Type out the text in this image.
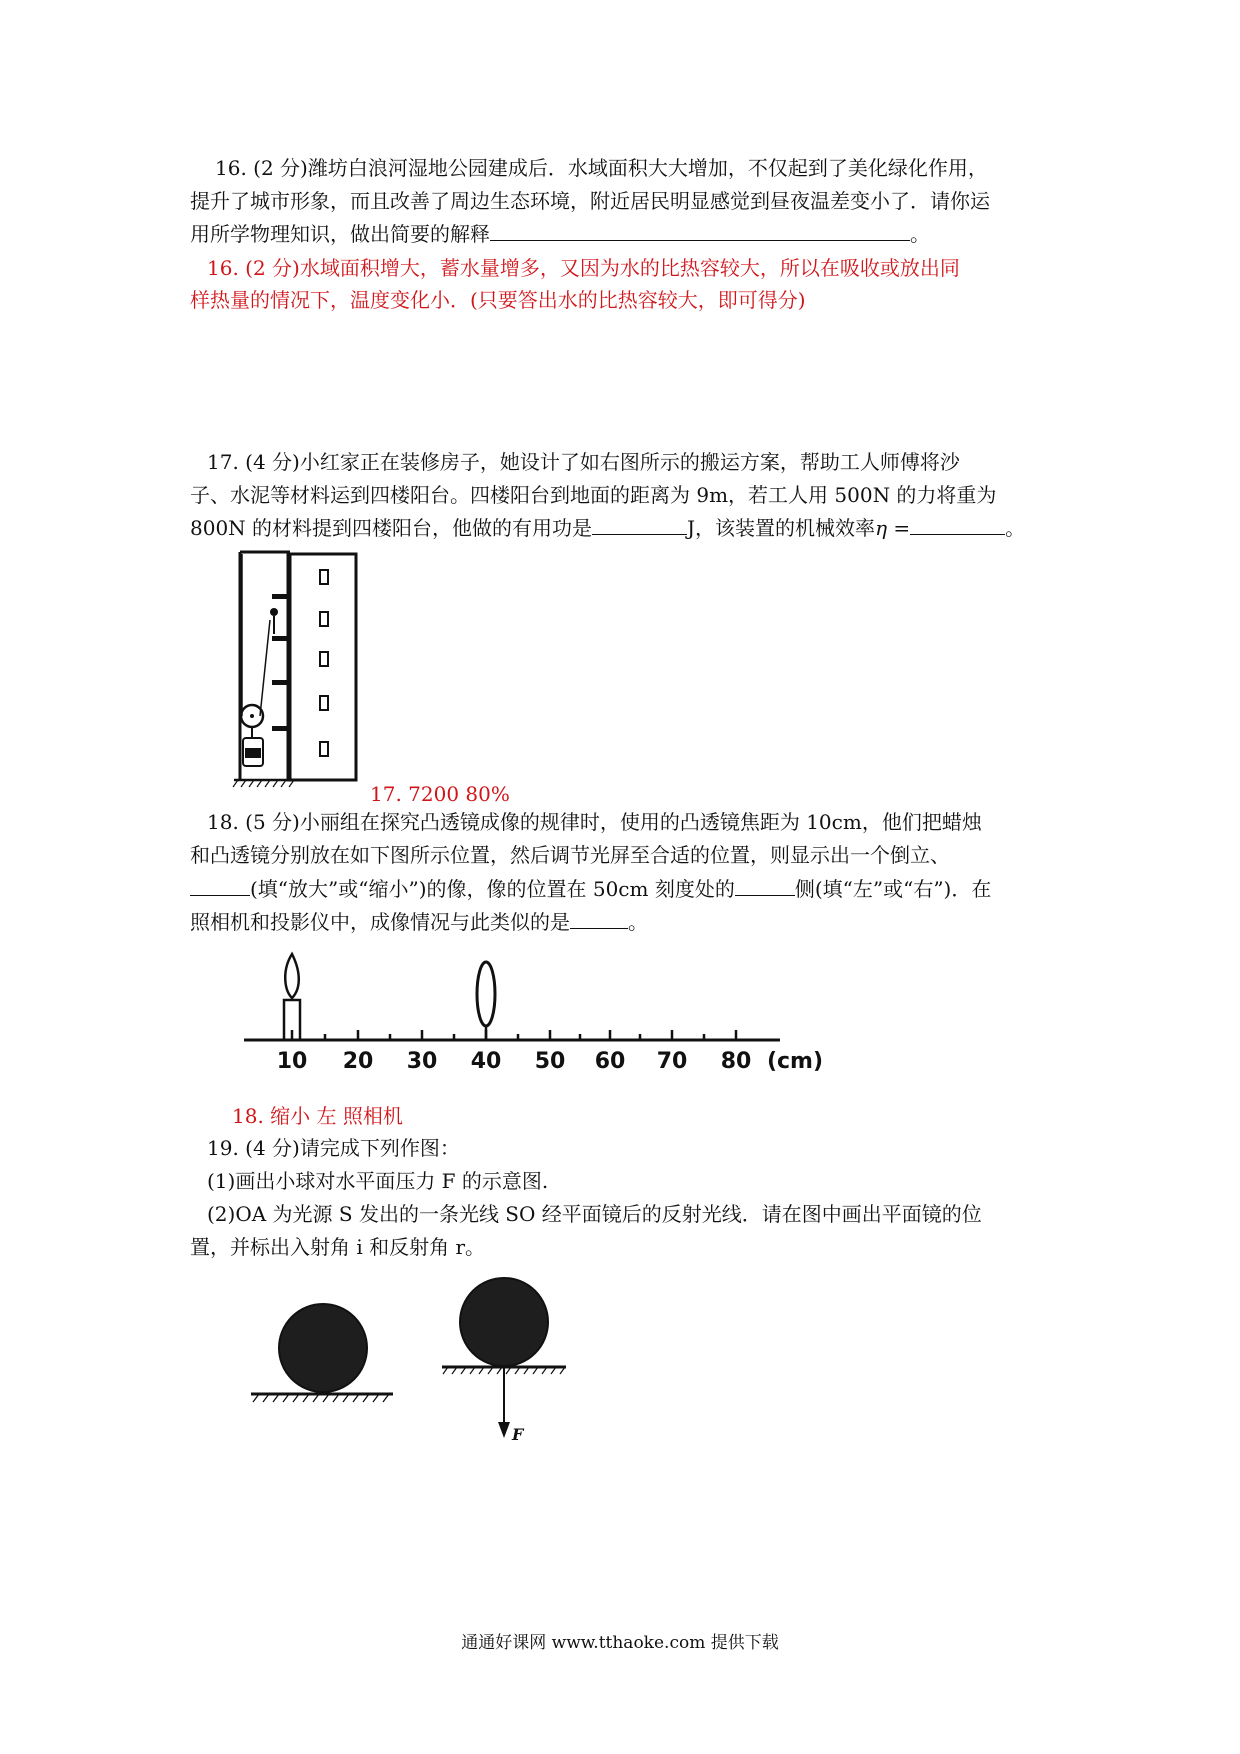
16. (2 分)潍坊白浪河湿地公园建成后．水域面积大大增加，不仅起到了美化绿化作用，

提升了城市形象，而且改善了周边生态环境，附近居民明显感觉到昼夜温差变小了．请你运

用所学物理知识，做出简要的解释	。

16. (2 分)水域面积增大，蓄水量增多，又因为水的比热容较大，所以在吸收或放出同

样热量的情况下，温度变化小．(只要答出水的比热容较大，即可得分)

17. (4 分)小红家正在装修房子，她设计了如右图所示的搬运方案，帮助工人师傅将沙

子、水泥等材料运到四楼阳台。四楼阳台到地面的距离为 9m，若工人用 500N 的力将重为

800N 的材料提到四楼阳台，他做的有用功是	J，该装置的机械效率η =	。

17. 7200 80%

18. (5 分)小丽组在探究凸透镜成像的规律时，使用的凸透镜焦距为 10cm，他们把蜡烛

和凸透镜分别放在如下图所示位置，然后调节光屏至合适的位置，则显示出一个倒立、

(填“放大”或“缩小”)的像，像的位置在 50cm 刻度处的	侧(填“左”或“右”)．在

照相机和投影仪中，成像情况与此类似的是	。

10 20 30 40 50 60 70 80 (cm)

18. 缩小 左 照相机

19. (4 分)请完成下列作图：

(1)画出小球对水平面压力 F 的示意图.

(2)OA 为光源 S 发出的一条光线 SO 经平面镜后的反射光线．请在图中画出平面镜的位

置，并标出入射角 i 和反射角 r。

F
通通好课网 www.tthaoke.com 提供下载
